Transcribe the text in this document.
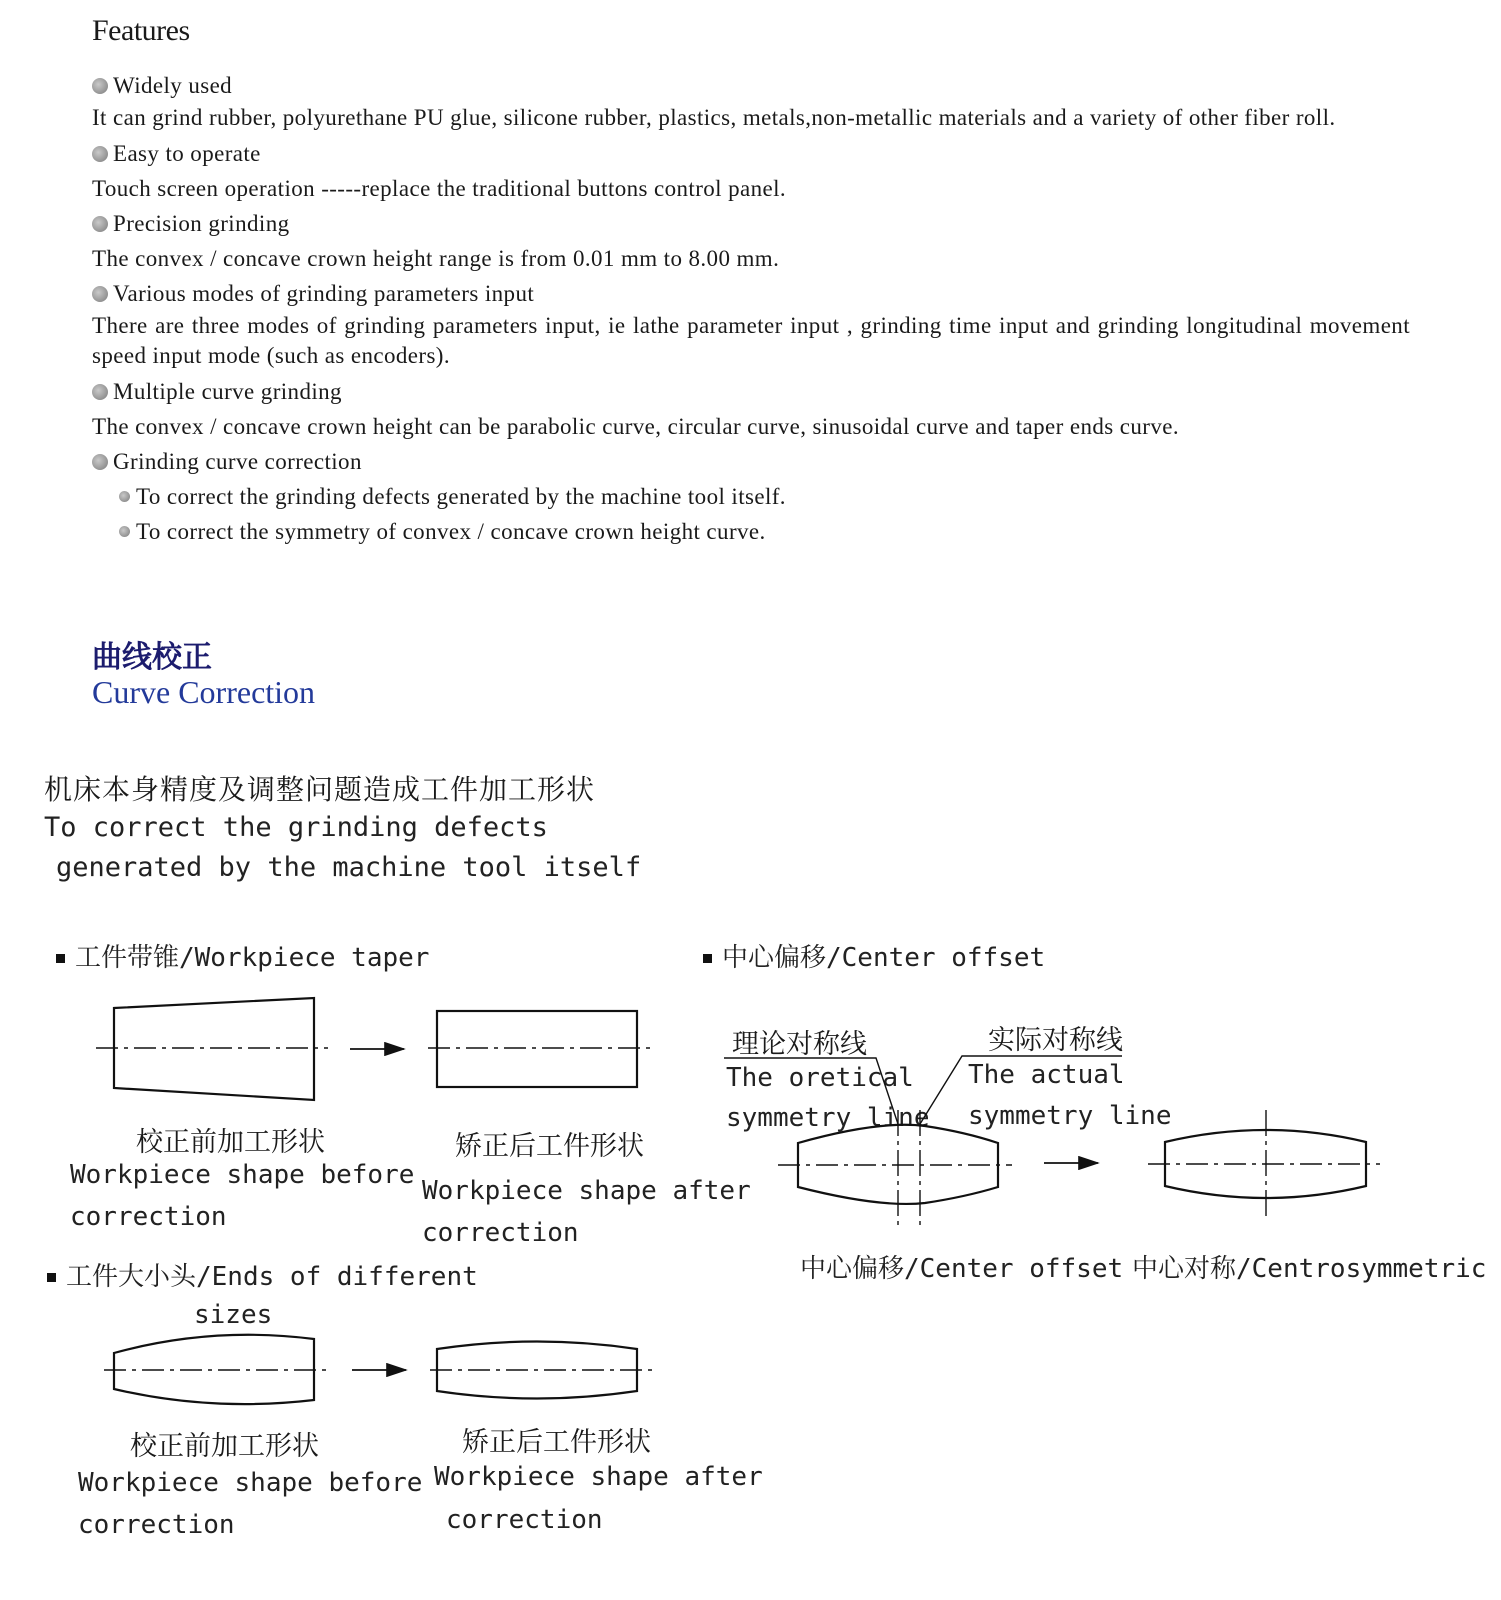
Features
Widely used

It can grind rubber, polyurethane PU glue, silicone rubber, plastics, metals,non-metallic materials and a variety of other fiber roll.

Easy to operate

Touch screen operation -----replace the traditional buttons control panel.

Precision grinding

The convex / concave crown height range is from 0.01 mm to 8.00 mm.

Various modes of grinding parameters input

There are three modes of grinding parameters input, ie lathe parameter input , grinding time input and grinding longitudinal movement speed input mode (such as encoders).

Multiple curve grinding

The convex / concave crown height can be parabolic curve, circular curve, sinusoidal curve and taper ends curve.

Grinding curve correction
To correct the grinding defects generated by the machine tool itself.
To correct the symmetry of convex / concave crown height curve.
曲线校正
Curve Correction
机床本身精度及调整问题造成工件加工形状
To correct the grinding defects
generated by the machine tool itself
工件带锥/Workpiece taper	中心偏移/Center offset
校正前加工形状
Workpiece shape before
correction
矫正后工件形状
Workpiece shape after
correction
工件大小头/Ends of different
sizes
校正前加工形状
Workpiece shape before
correction
矫正后工件形状
Workpiece shape after
correction
理论对称线
The oretical
symmetry line
实际对称线
The actual
symmetry line
中心偏移/Center offset 中心对称/Centrosymmetric
